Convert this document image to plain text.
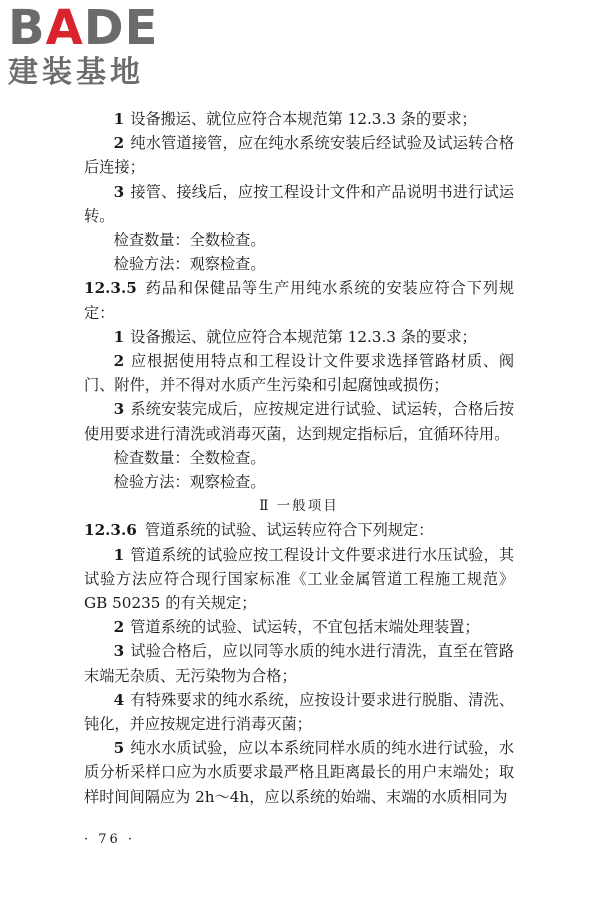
BADE
建装基地

1 设备搬运、就位应符合本规范第 12.3.3 条的要求；

2 纯水管道接管，应在纯水系统安装后经试验及试运转合格后连接；

3 接管、接线后，应按工程设计文件和产品说明书进行试运转。

检查数量：全数检查。

检验方法：观察检查。

12.3.5 药品和保健品等生产用纯水系统的安装应符合下列规定：

1 设备搬运、就位应符合本规范第 12.3.3 条的要求；

2 应根据使用特点和工程设计文件要求选择管路材质、阀门、附件，并不得对水质产生污染和引起腐蚀或损伤；

3 系统安装完成后，应按规定进行试验、试运转，合格后按使用要求进行清洗或消毒灭菌，达到规定指标后，宜循环待用。

检查数量：全数检查。

检验方法：观察检查。

Ⅱ 一般项目

12.3.6 管道系统的试验、试运转应符合下列规定：

1 管道系统的试验应按工程设计文件要求进行水压试验，其试验方法应符合现行国家标准《工业金属管道工程施工规范》GB 50235 的有关规定；

2 管道系统的试验、试运转，不宜包括末端处理装置；

3 试验合格后，应以同等水质的纯水进行清洗，直至在管路末端无杂质、无污染物为合格；

4 有特殊要求的纯水系统，应按设计要求进行脱脂、清洗、钝化，并应按规定进行消毒灭菌；

5 纯水水质试验，应以本系统同样水质的纯水进行试验，水质分析采样口应为水质要求最严格且距离最长的用户末端处；取样时间间隔应为 2h～4h，应以系统的始端、末端的水质相同为

· 76 ·
